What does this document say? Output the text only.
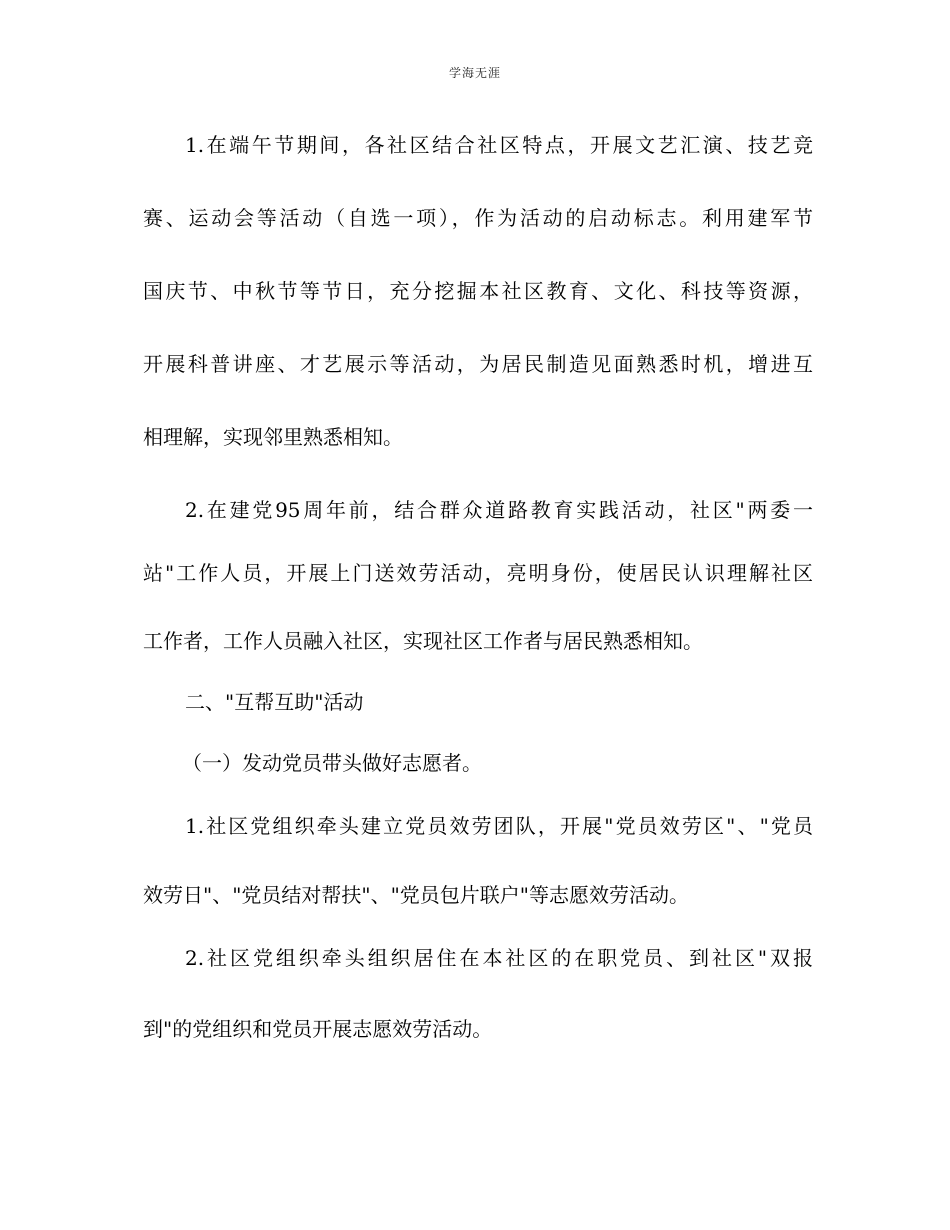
学海无涯
1.在端午节期间，各社区结合社区特点，开展文艺汇演、技艺竞
赛、运动会等活动（自选一项），作为活动的启动标志。利用建军节
国庆节、中秋节等节日，充分挖掘本社区教育、文化、科技等资源，
开展科普讲座、才艺展示等活动，为居民制造见面熟悉时机，增进互
相理解，实现邻里熟悉相知。
2.在建党95周年前，结合群众道路教育实践活动，社区"两委一
站"工作人员，开展上门送效劳活动，亮明身份，使居民认识理解社区
工作者，工作人员融入社区，实现社区工作者与居民熟悉相知。
二、"互帮互助"活动
（一）发动党员带头做好志愿者。
1.社区党组织牵头建立党员效劳团队，开展"党员效劳区"、"党员
效劳日"、"党员结对帮扶"、"党员包片联户"等志愿效劳活动。
2.社区党组织牵头组织居住在本社区的在职党员、到社区"双报
到"的党组织和党员开展志愿效劳活动。
